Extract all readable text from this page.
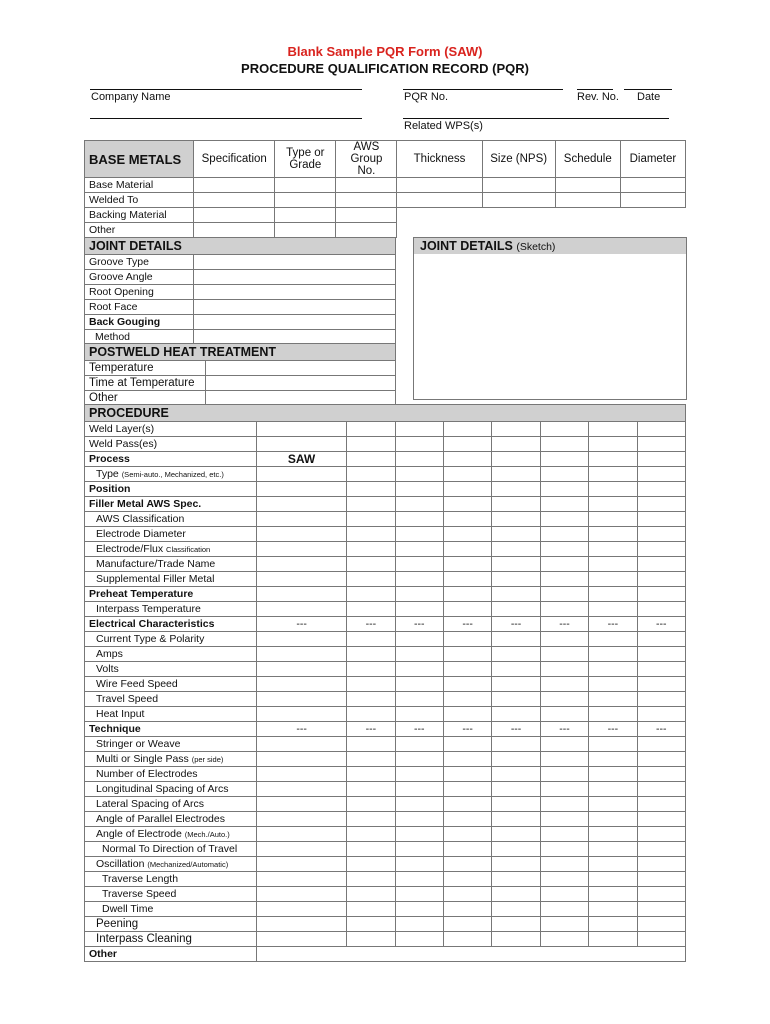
Blank Sample PQR Form (SAW)
PROCEDURE QUALIFICATION RECORD (PQR)
Company Name	PQR No.	Rev. No. Date
Related WPS(s)
BASE METALS	Specification	Type or Grade	AWS Group No.	Thickness	Size (NPS)	Schedule	Diameter
Base Material							
Welded To							
Backing Material							
Other							
JOINT DETAILS	
Groove Type	
Groove Angle	
Root Opening	
Root Face	
Back Gouging	
Method	
JOINT DETAILS (Sketch)
POSTWELD HEAT TREATMENT	
Temperature	
Time at Temperature	
Other	
PROCEDURE								
Weld Layer(s)								
Weld Pass(es)								
Process	SAW							
Type (Semi-auto., Mechanized, etc.)								
Position								
Filler Metal AWS Spec.								
AWS Classification								
Electrode Diameter								
Electrode/Flux Classification								
Manufacture/Trade Name								
Supplemental Filler Metal								
Preheat Temperature								
Interpass Temperature								
Electrical Characteristics	---	---	---	---	---	---	---	---
Current Type & Polarity								
Amps								
Volts								
Wire Feed Speed								
Travel Speed								
Heat Input								
Technique	---	---	---	---	---	---	---	---
Stringer or Weave								
Multi or Single Pass (per side)								
Number of Electrodes								
Longitudinal Spacing of Arcs								
Lateral Spacing of Arcs								
Angle of Parallel Electrodes								
Angle of Electrode (Mech./Auto.)								
Normal To Direction of Travel								
Oscillation (Mechanized/Automatic)								
Traverse Length								
Traverse Speed								
Dwell Time								
Peening								
Interpass Cleaning								
Other								
